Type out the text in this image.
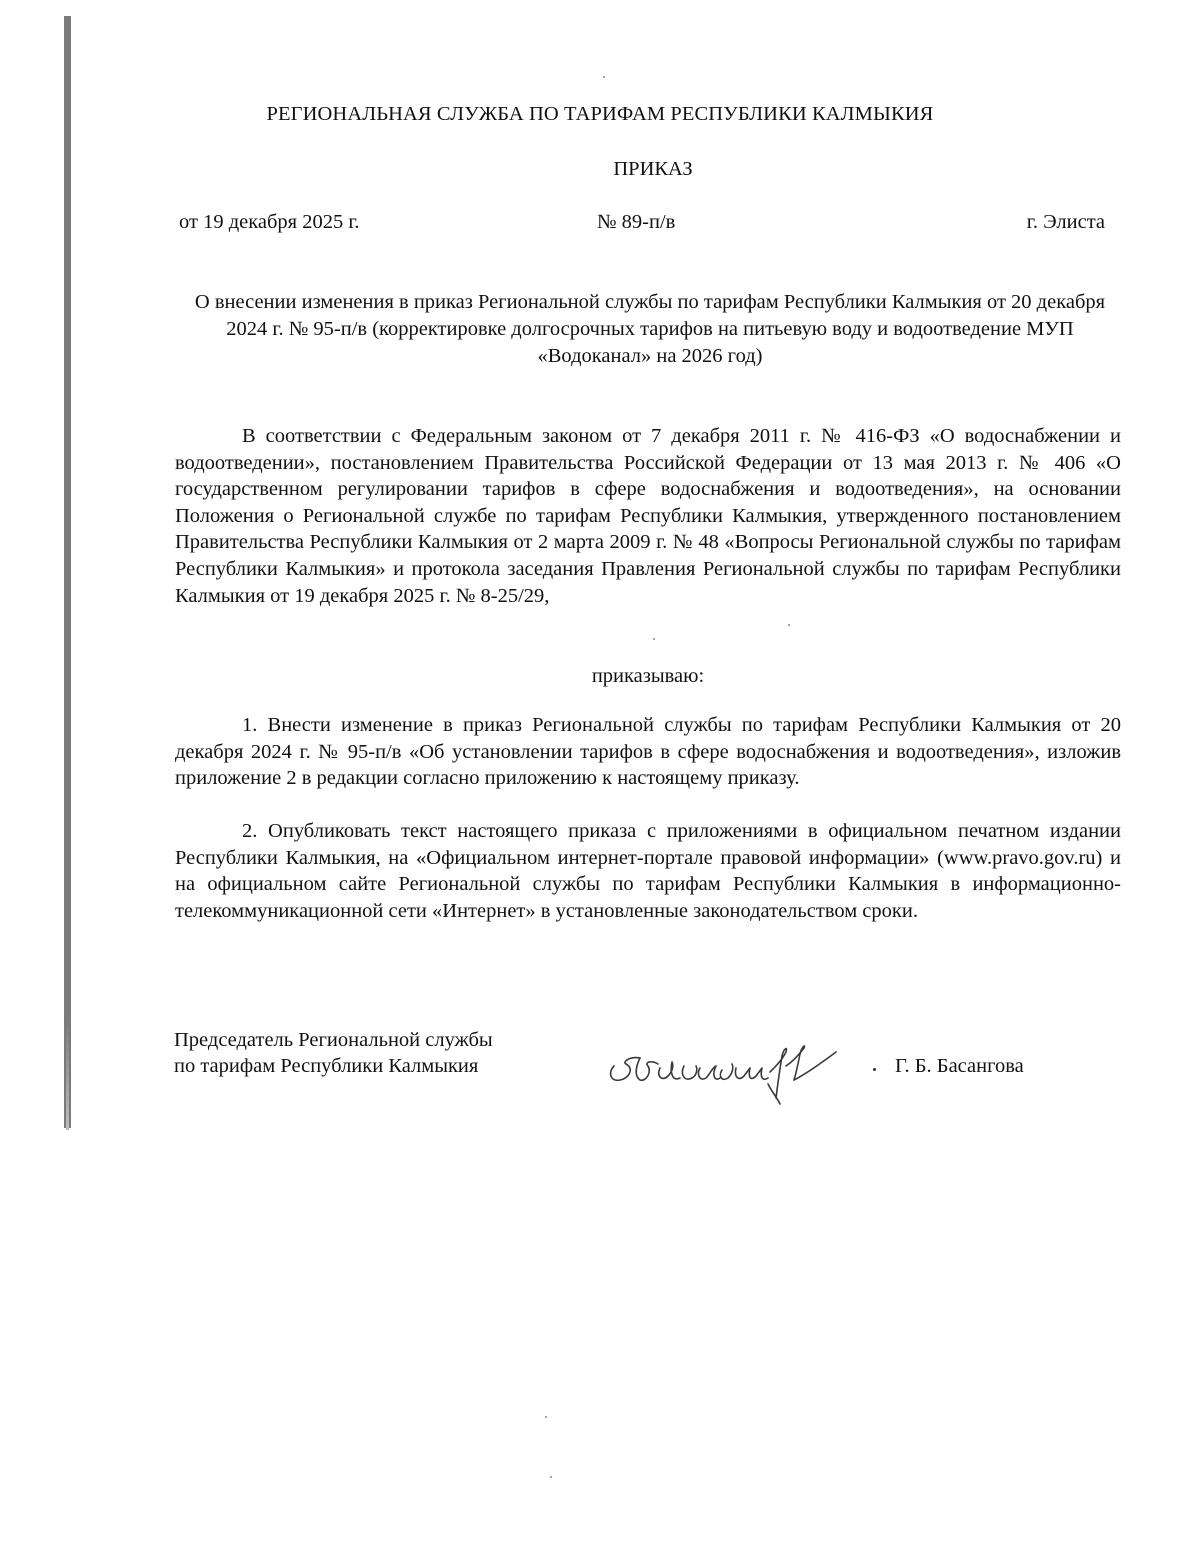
РЕГИОНАЛЬНАЯ СЛУЖБА ПО ТАРИФАМ РЕСПУБЛИКИ КАЛМЫКИЯ
ПРИКАЗ
от 19 декабря 2025 г.	№ 89-п/в	г. Элиста
О внесении изменения в приказ Региональной службы по тарифам Республики Калмыкия от 20 декабря 2024 г. № 95-п/в (корректировке долгосрочных тарифов на питьевую воду и водоотведение МУП «Водоканал» на 2026 год)

В соответствии с Федеральным законом от 7 декабря 2011 г. № 416-ФЗ «О водоснабжении и водоотведении», постановлением Правительства Российской Федерации от 13 мая 2013 г. № 406 «О государственном регулировании тарифов в сфере водоснабжения и водоотведения», на основании Положения о Региональной службе по тарифам Республики Калмыкия, утвержденного постановлением Правительства Республики Калмыкия от 2 марта 2009 г. № 48 «Вопросы Региональной службы по тарифам Республики Калмыкия» и протокола заседания Правления Региональной службы по тарифам Республики Калмыкия от 19 декабря 2025 г. № 8-25/29,

приказываю:

1. Внести изменение в приказ Региональной службы по тарифам Республики Калмыкия от 20 декабря 2024 г. № 95-п/в «Об установлении тарифов в сфере водоснабжения и водоотведения», изложив приложение 2 в редакции согласно приложению к настоящему приказу.

2. Опубликовать текст настоящего приказа с приложениями в официальном печатном издании Республики Калмыкия, на «Официальном интернет-портале правовой информации» (www.pravo.gov.ru) и на официальном сайте Региональной службы по тарифам Республики Калмыкия в информационно-телекоммуникационной сети «Интернет» в установленные законодательством сроки.

Председатель Региональной службы
по тарифам Республики Калмыкия	Г. Б. Басангова
